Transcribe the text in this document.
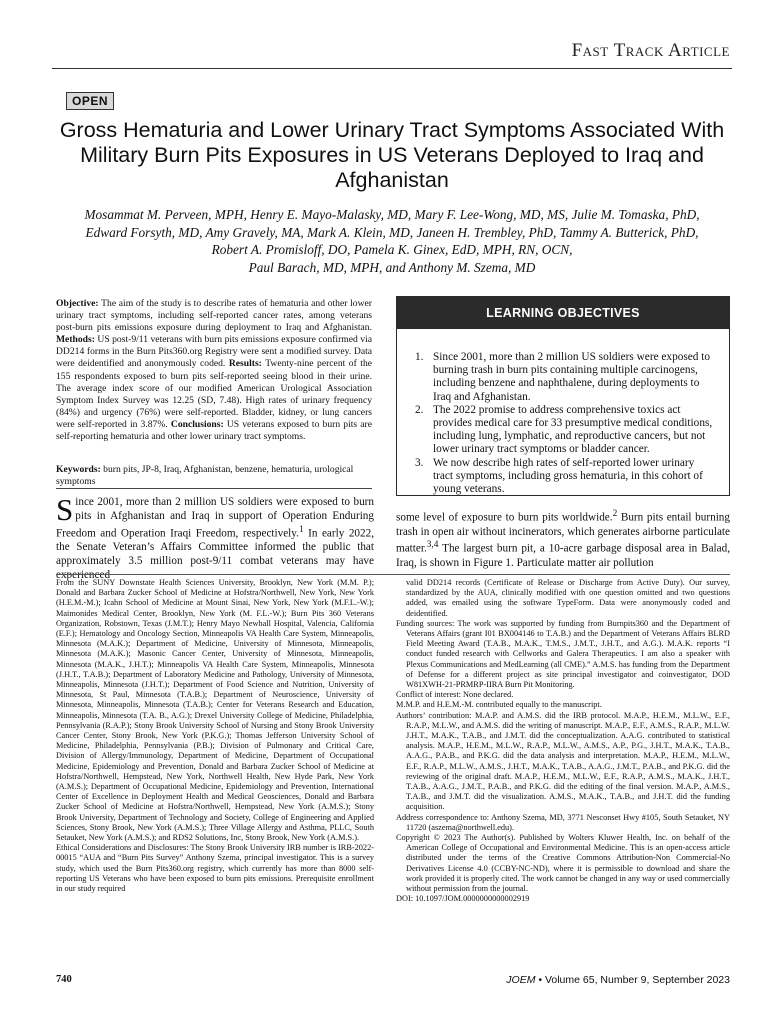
Fast Track Article
OPEN
Gross Hematuria and Lower Urinary Tract Symptoms Associated With Military Burn Pits Exposures in US Veterans Deployed to Iraq and Afghanistan
Mosammat M. Perveen, MPH, Henry E. Mayo-Malasky, MD, Mary F. Lee-Wong, MD, MS, Julie M. Tomaska, PhD,
Edward Forsyth, MD, Amy Gravely, MA, Mark A. Klein, MD, Janeen H. Trembley, PhD, Tammy A. Butterick, PhD,
Robert A. Promisloff, DO, Pamela K. Ginex, EdD, MPH, RN, OCN,
Paul Barach, MD, MPH, and Anthony M. Szema, MD
Objective: The aim of the study is to describe rates of hematuria and other lower urinary tract symptoms, including self-reported cancer rates, among veterans post-burn pits emissions exposure during deployment to Iraq and Afghanistan. Methods: US post-9/11 veterans with burn pits emissions exposure confirmed via DD214 forms in the Burn Pits360.org Registry were sent a modified survey. Data were deidentified and anonymously coded. Results: Twenty-nine percent of the 155 respondents exposed to burn pits self-reported seeing blood in their urine. The average index score of our modified American Urological Association Symptom Index Survey was 12.25 (SD, 7.48). High rates of urinary frequency (84%) and urgency (76%) were self-reported. Bladder, kidney, or lung cancers were self-reported in 3.87%. Conclusions: US veterans exposed to burn pits are self-reporting hematuria and other lower urinary tract symptoms.
Keywords: burn pits, JP-8, Iraq, Afghanistan, benzene, hematuria, urological symptoms
Since 2001, more than 2 million US soldiers were exposed to burn pits in Afghanistan and Iraq in support of Operation Enduring Freedom and Operation Iraqi Freedom, respectively.$^1$ In early 2022, the Senate Veteran’s Affairs Committee informed the public that approximately 3.5 million post-9/11 combat veterans may have
LEARNING OBJECTIVES
1. Since 2001, more than 2 million US soldiers were exposed to burning trash in burn pits containing multiple carcinogens, including benzene and naphthalene, during deployments to Iraq and Afghanistan.
2. The 2022 promise to address comprehensive toxics act provides medical care for 33 presumptive medical conditions, including lung, lymphatic, and reproductive cancers, but not lower urinary tract symptoms or bladder cancer.
3. We now describe high rates of self-reported lower urinary tract symptoms, including gross hematuria, in this cohort of young veterans.
some level of exposure to burn pits worldwide.$^2$ Burn pits entail burning trash in open air without incinerators, which generates airborne particulate matter.$^{3,4}$ The largest burn pit, a 10-acre garbage disposal area in Balad, Iraq, is shown in Figure 1. Particulate matter air pollution

From the SUNY Downstate Health Sciences University, Brooklyn, New York (M.M. P.); Donald and Barbara Zucker School of Medicine at Hofstra/Northwell, New York, New York (H.E.M.-M.); Icahn School of Medicine at Mount Sinai, New York, New York (M.F.L.-W.); Maimonides Medical Center, Brooklyn, New York (M. F.L.-W.); Burn Pits 360 Veterans Organization, Robstown, Texas (J.M.T.); Henry Mayo Newhall Hospital, Valencia, California (E.F.); Hematology and Oncology Section, Minneapolis VA Health Care System, Minneapolis, Minnesota (M.A.K.); Department of Medicine, University of Minnesota, Minneapolis, Minnesota (M.A.K.); Masonic Cancer Center, University of Minnesota, Minneapolis, Minnesota (M.A.K., J.H.T.); Minneapolis VA Health Care System, Minneapolis, Minnesota (J.H.T., T.A.B.); Department of Laboratory Medicine and Pathology, University of Minnesota, Minneapolis, Minnesota (J.H.T.); Department of Food Science and Nutrition, University of Minnesota, St Paul, Minnesota (T.A.B.); Department of Neuroscience, University of Minnesota, Minneapolis, Minnesota (T.A.B.); Center for Veterans Research and Education, Minneapolis, Minnesota (T.A. B., A.G.); Drexel University College of Medicine, Philadelphia, Pennsylvania (R.A.P.); Stony Brook University School of Nursing and Stony Brook University Cancer Center, Stony Brook, New York (P.K.G.); Thomas Jefferson University School of Medicine, Philadelphia, Pennsylvania (P.B.); Division of Pulmonary and Critical Care, Division of Allergy/Immunology, Department of Medicine, Department of Occupational Medicine, Epidemiology and Prevention, Donald and Barbara Zucker School of Medicine at Hofstra/Northwell, Hempstead, New York, Northwell Health, New Hyde Park, New York (A.M.S.); Department of Occupational Medicine, Epidemiology and Prevention, International Center of Excellence in Deployment Health and Medical Geosciences, Donald and Barbara Zucker School of Medicine at Hofstra/Northwell, Hempstead, New York (A.M.S.); Stony Brook University, Department of Technology and Society, College of Engineering and Applied Sciences, Stony Brook, New York (A.M.S.); Three Village Allergy and Asthma, PLLC, South Setauket, New York (A.M.S.); and RDS2 Solutions, Inc, Stony Brook, New York (A.M.S.).

Ethical Considerations and Disclosures: The Stony Brook University IRB number is IRB-2022-00015 “AUA and “Burn Pits Survey” Anthony Szema, principal investigator. This is a survey study, which used the Burn Pits360.org registry, which currently has more than 8000 self-reporting US Veterans who have been exposed to burn pits emissions. Prerequisite enrollment in our study required

valid DD214 records (Certificate of Release or Discharge from Active Duty). Our survey, standardized by the AUA, clinically modified with one question omitted and two questions added, was emailed using the software TypeForm. Data were anonymously coded and deidentified.

Funding sources: The work was supported by funding from Burnpits360 and the Department of Veterans Affairs (grant I01 BX004146 to T.A.B.) and the Department of Veterans Affairs BLRD Field Meeting Award (T.A.B., M.A.K., T.M.S., J.M.T., J.H.T., and A.G.). M.A.K. reports “I conduct funded research with Cellworks and Galera Therapeutics. I am also a speaker with Plexus Communications and MedLearning (all CME).” A.M.S. has funding from the Department of Defense for a different project as site principal investigator and coinvestigator, DOD W81XWH-21-PRMRP-IIRA Burn Pit Monitoring.

Conflict of interest: None declared.

M.M.P. and H.E.M.-M. contributed equally to the manuscript.

Authors’ contribution: M.A.P. and A.M.S. did the IRB protocol. M.A.P., H.E.M., M.L.W., E.F., R.A.P., M.L.W., and A.M.S. did the writing of manuscript. M.A.P., E.F., A.M.S., R.A.P., M.L.W. J.H.T., M.A.K., T.A.B., and J.M.T. did the conceptualization. A.A.G. contributed to statistical analysis. M.A.P., H.E.M., M.L.W., R.A.P., M.L.W., A.M.S., A.P., P.G., J.H.T., M.A.K., T.A.B., A.A.G., P.A.B., and P.K.G. did the data analysis and interpretation. M.A.P., H.E.M., M.L.W., E.F., R.A.P., M.L.W., A.M.S., J.H.T., M.A.K., T.A.B., A.A.G., J.M.T., P.A.B., and P.K.G. did the reviewing of the original draft. M.A.P., H.E.M., M.L.W., E.F., R.A.P., A.M.S., M.A.K., J.H.T., T.A.B., A.A.G., J.M.T., P.A.B., and P.K.G. did the editing of the final version. M.A.P., A.M.S., T.A.B., and J.M.T. did the visualization. A.M.S., M.A.K., T.A.B., and J.H.T. did the funding acquisition.

Address correspondence to: Anthony Szema, MD, 3771 Nesconset Hwy #105, South Setauket, NY 11720 (aszema@northwell.edu).

Copyright © 2023 The Author(s). Published by Wolters Kluwer Health, Inc. on behalf of the American College of Occupational and Environmental Medicine. This is an open-access article distributed under the terms of the Creative Commons Attribution-Non Commercial-No Derivatives License 4.0 (CCBY-NC-ND), where it is permissible to download and share the work provided it is properly cited. The work cannot be changed in any way or used commercially without permission from the journal.

DOI: 10.1097/JOM.0000000000002919

740	JOEM • Volume 65, Number 9, September 2023
